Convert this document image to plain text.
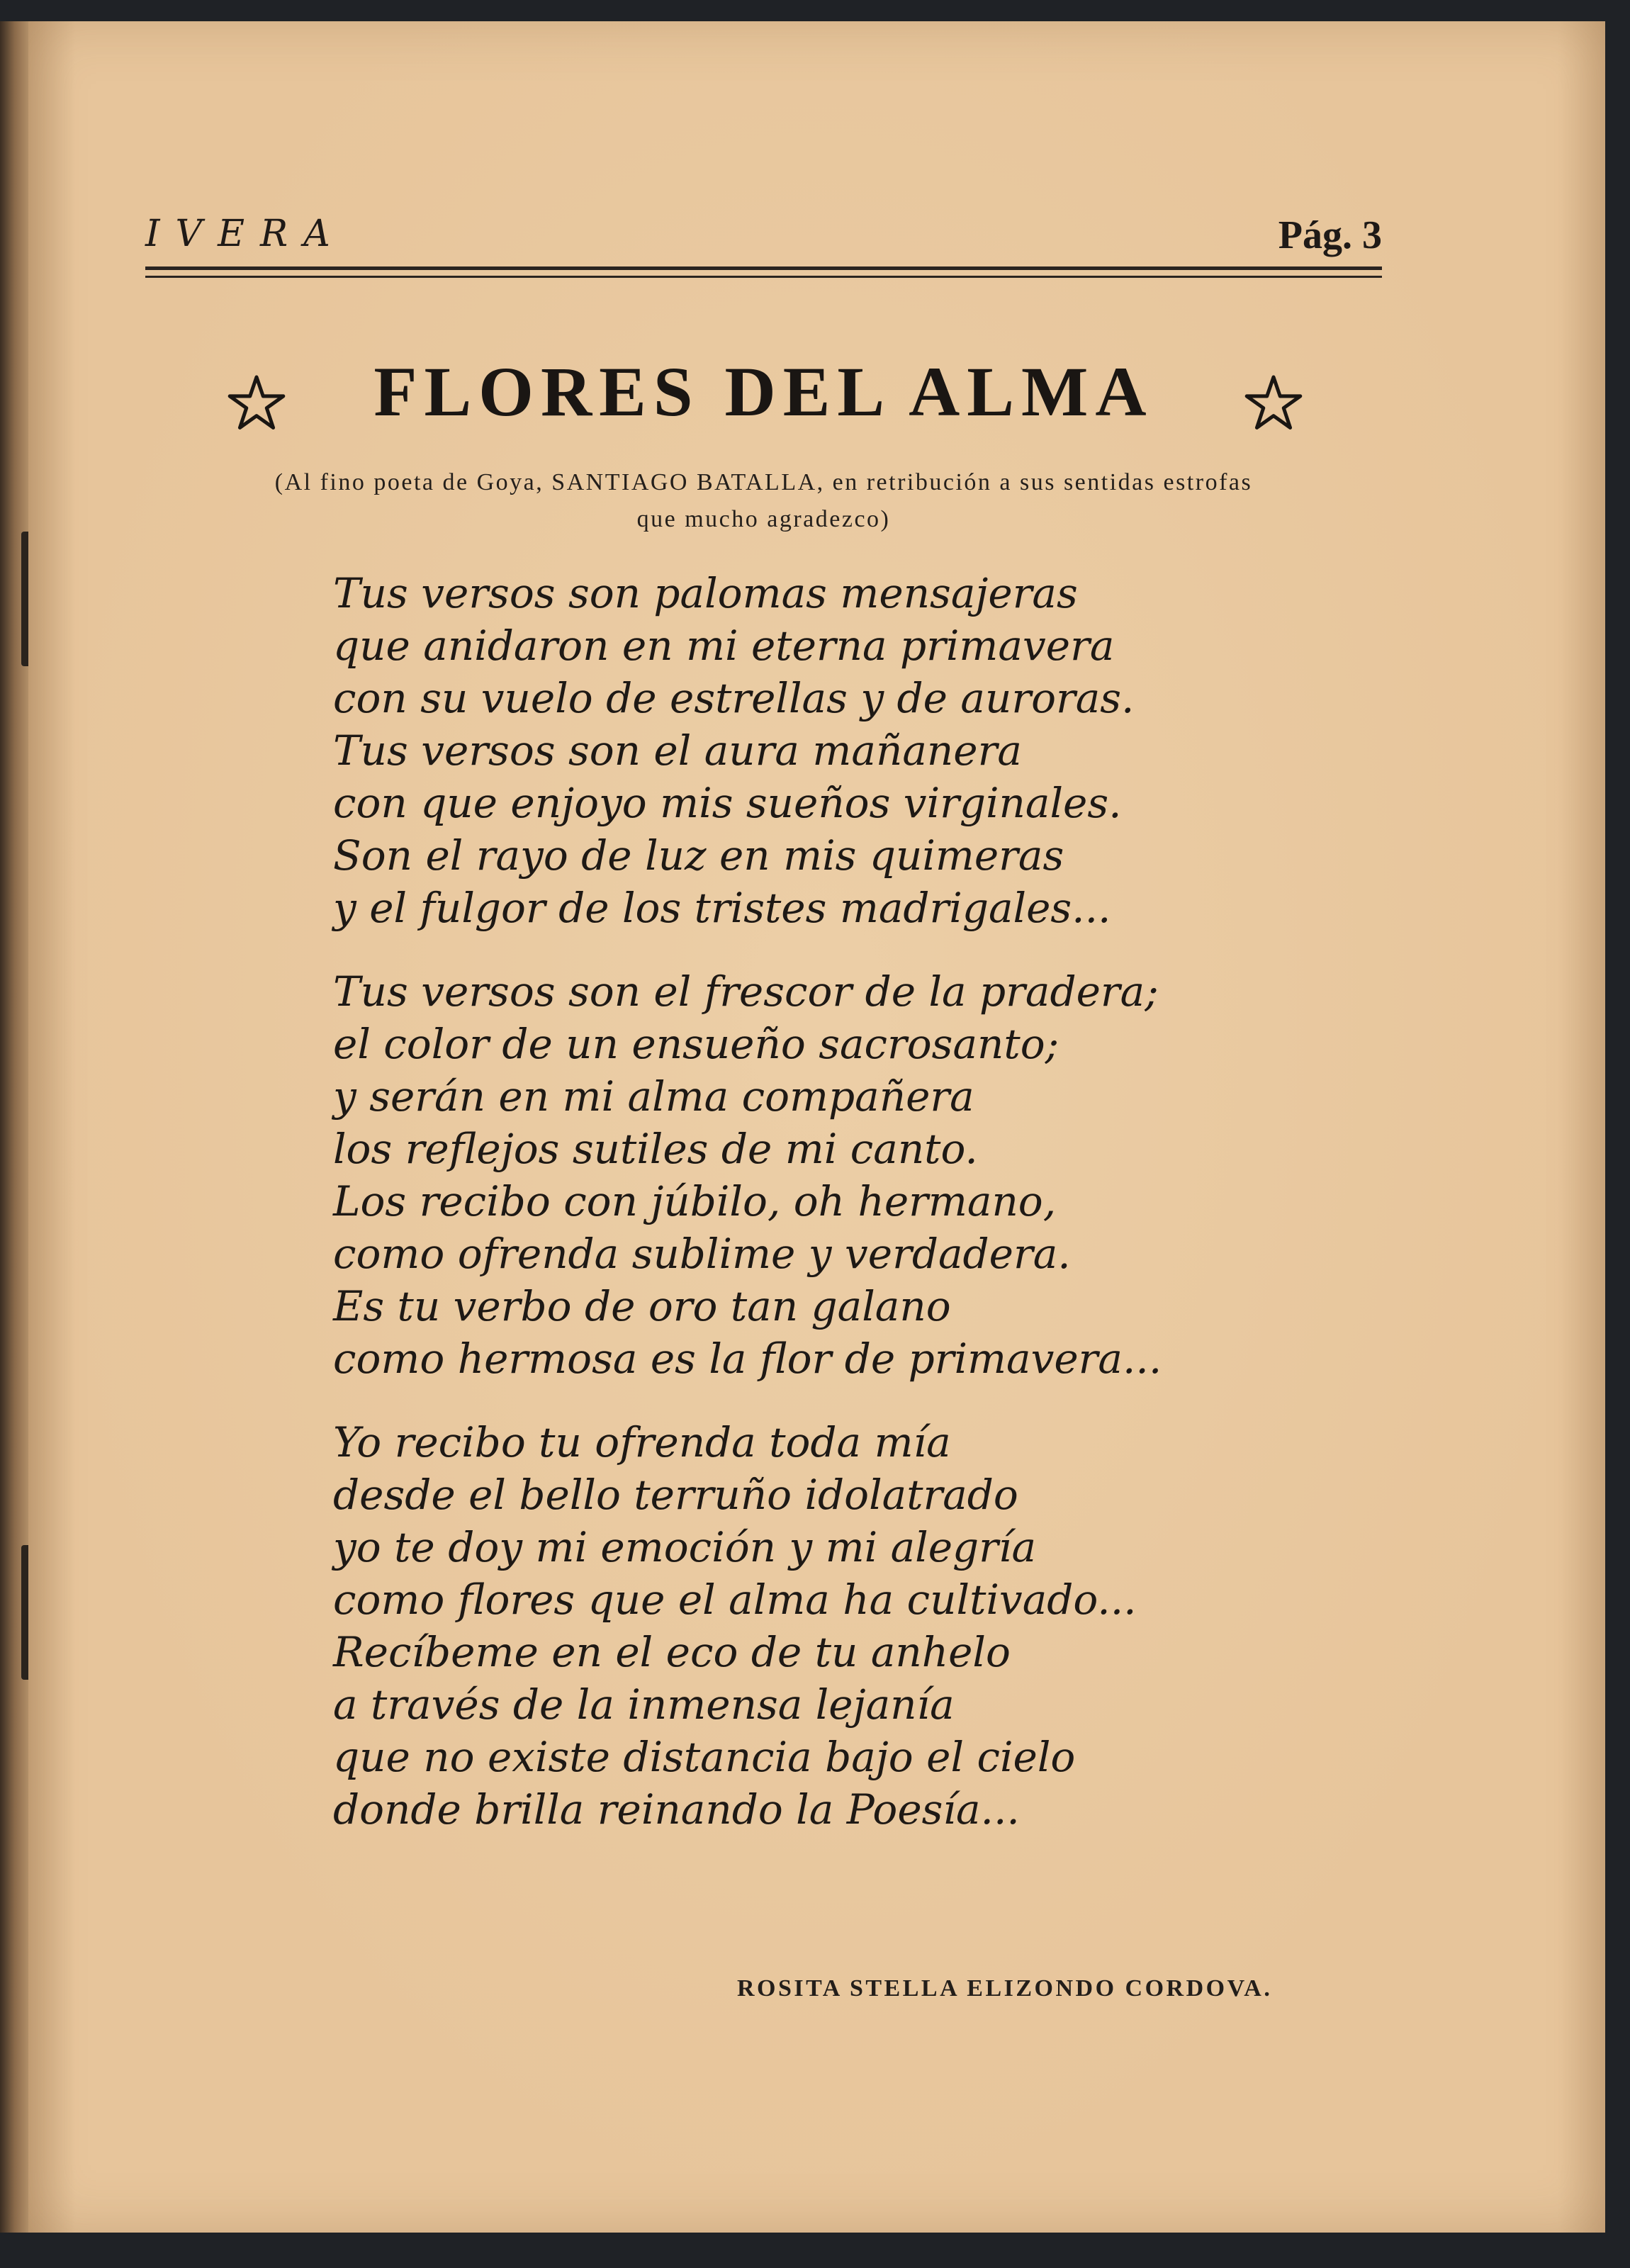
IVERA	Pág. 3
FLORES DEL ALMA
(Al fino poeta de Goya, SANTIAGO BATALLA, en retribución a sus sentidas estrofas
que mucho agradezco)
Tus versos son palomas mensajeras
que anidaron en mi eterna primavera
con su vuelo de estrellas y de auroras.
Tus versos son el aura mañanera
con que enjoyo mis sueños virginales.
Son el rayo de luz en mis quimeras
y el fulgor de los tristes madrigales...
Tus versos son el frescor de la pradera;
el color de un ensueño sacrosanto;
y serán en mi alma compañera
los reflejos sutiles de mi canto.
Los recibo con júbilo, oh hermano,
como ofrenda sublime y verdadera.
Es tu verbo de oro tan galano
como hermosa es la flor de primavera...
Yo recibo tu ofrenda toda mía
desde el bello terruño idolatrado
yo te doy mi emoción y mi alegría
como flores que el alma ha cultivado...
Recíbeme en el eco de tu anhelo
a través de la inmensa lejanía
que no existe distancia bajo el cielo
donde brilla reinando la Poesía...
ROSITA STELLA ELIZONDO CORDOVA.
